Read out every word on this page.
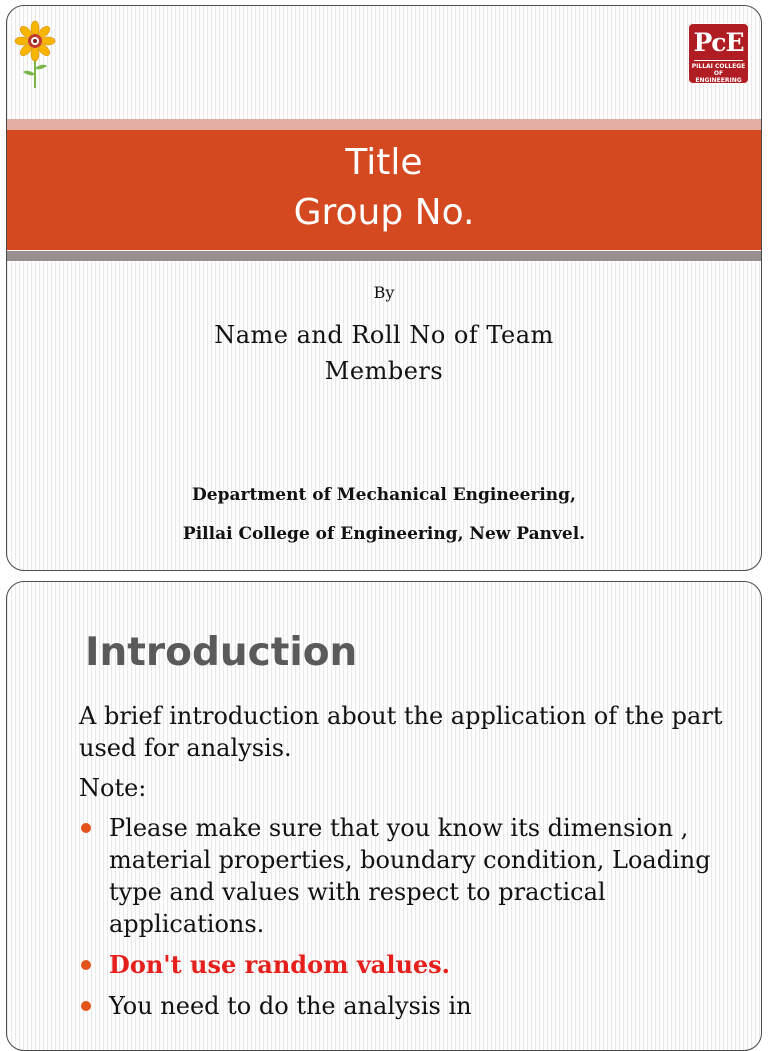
PcE
PILLAI COLLEGE OF ENGINEERING
Title
Group No.
By
Name and Roll No of Team
Members
Department of Mechanical Engineering,
Pillai College of Engineering, New Panvel.
Introduction
A brief introduction about the application of the part used for analysis.
Note:
Please make sure that you know its dimension , material properties, boundary condition, Loading type and values with respect to practical applications.
Don't use random values.
You need to do the analysis in
